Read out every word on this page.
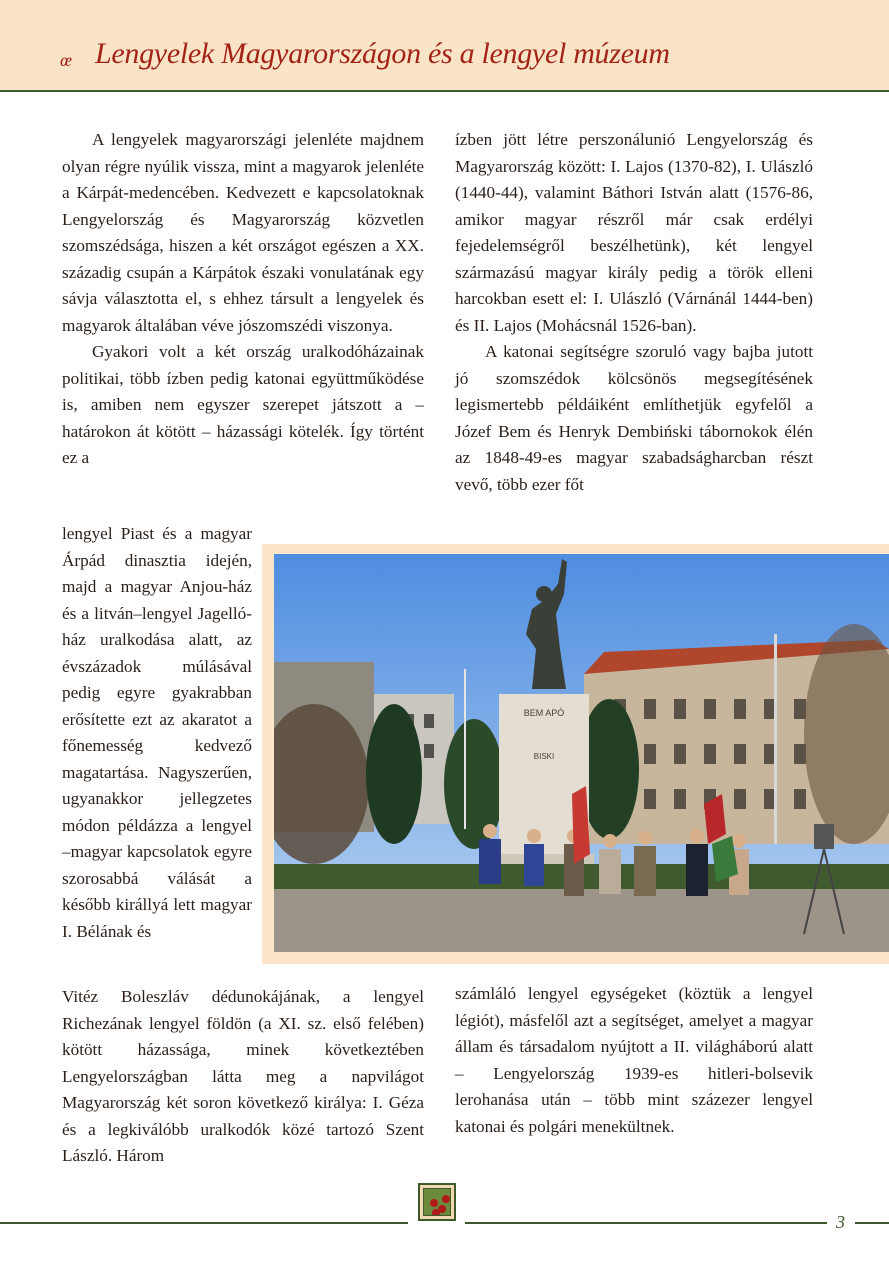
œ Lengyelek Magyarországon és a lengyel múzeum

A lengyelek magyarországi jelenléte majdnem olyan régre nyúlik vissza, mint a magyarok jelenléte a Kárpát-medencében. Kedvezett e kapcsolatoknak Lengyelország és Magyarország közvetlen szomszédsága, hiszen a két országot egészen a XX. századig csupán a Kárpátok északi vonulatának egy sávja választotta el, s ehhez társult a lengyelek és magyarok általában véve jószomszédi viszonya.

Gyakori volt a két ország uralkodóházainak politikai, több ízben pedig katonai együttműködése is, amiben nem egyszer szerepet játszott a – határokon át kötött – házassági kötelék. Így történt ez a

lengyel Piast és a magyar Árpád dinasztia idején, majd a magyar Anjou-ház és a litván–lengyel Jagelló-ház uralkodása alatt, az évszázadok múlásával pedig egyre gyakrabban erősítette ezt az akaratot a főnemesség kedvező magatartása. Nagyszerűen, ugyanakkor jellegzetes módon példázza a lengyel –magyar kapcsolatok egyre szorosabbá válását a később királlyá lett magyar I. Bélának és

Vitéz Boleszláv dédunokájának, a lengyel Richezának lengyel földön (a XI. sz. első felében) kötött házassága, minek következtében Lengyelországban látta meg a napvilágot Magyarország két soron következő királya: I. Géza és a legkiválóbb uralkodók közé tartozó Szent László. Három

ízben jött létre perszonálunió Lengyelország és Magyarország között: I. Lajos (1370-82), I. Ulászló (1440-44), valamint Báthori István alatt (1576-86, amikor magyar részről már csak erdélyi fejedelemségről beszélhetünk), két lengyel származású magyar király pedig a török elleni harcokban esett el: I. Ulászló (Várnánál 1444-ben) és II. Lajos (Mohácsnál 1526-ban).

A katonai segítségre szoruló vagy bajba jutott jó szomszédok kölcsönös megsegítésének legismertebb példáiként említhetjük egyfelől a Józef Bem és Henryk Dembiński tábornokok élén az 1848-49-es magyar szabadságharcban részt vevő, több ezer főt

számláló lengyel egységeket (köztük a lengyel légiót), másfelől azt a segítséget, amelyet a magyar állam és társadalom nyújtott a II. világháború alatt – Lengyelország 1939-es hitleri-bolsevik lerohanása után – több mint százezer lengyel katonai és polgári menekültnek.

BEM APÓ
BISKI
3
